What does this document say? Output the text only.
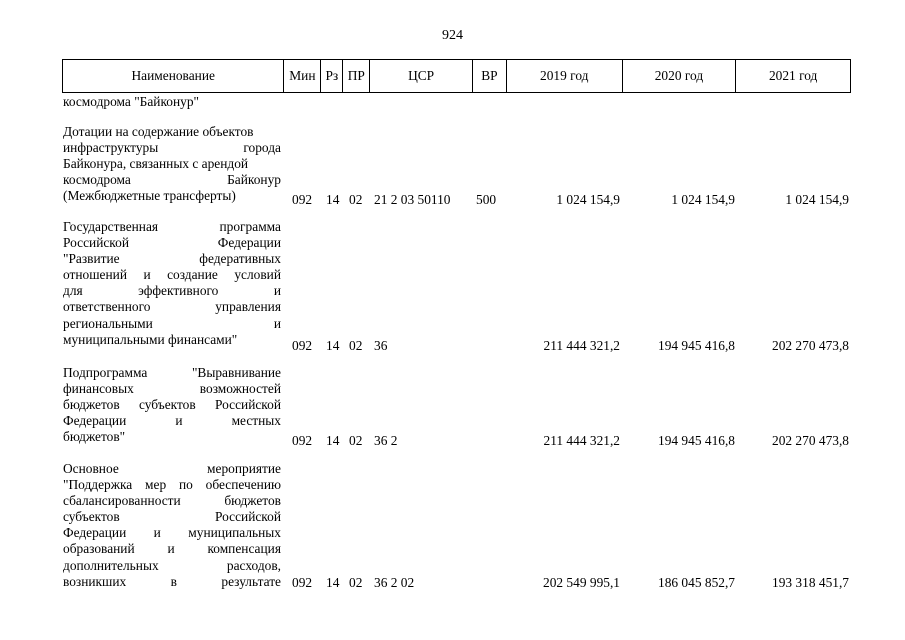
924
Наименование	Мин Рз ПР	ЦСР	ВР	2019 год	2020 год	2021 год
космодрома "Байконур"
Дотации на содержание объектов
инфраструктуры города
Байконура, связанных с арендой
космодрома Байконур
(Межбюджетные трансферты)	092 14 02 21 2 03 50110 500	1 024 154,9	1 024 154,9	1 024 154,9
Государственная программа
Российской Федерации
"Развитие федеративных
отношений и создание условий
для эффективного и
ответственного управления
региональными и
муниципальными финансами"	092 14 02 36	211 444 321,2	194 945 416,8	202 270 473,8
Подпрограмма "Выравнивание
финансовых возможностей
бюджетов субъектов Российской
Федерации и местных
бюджетов"	092 14 02 36 2	211 444 321,2	194 945 416,8	202 270 473,8
Основное мероприятие
"Поддержка мер по обеспечению
сбалансированности бюджетов
субъектов Российской
Федерации и муниципальных
образований и компенсация
дополнительных расходов,
возникших в результате 092 14 02 36 2 02	202 549 995,1	186 045 852,7	193 318 451,7
